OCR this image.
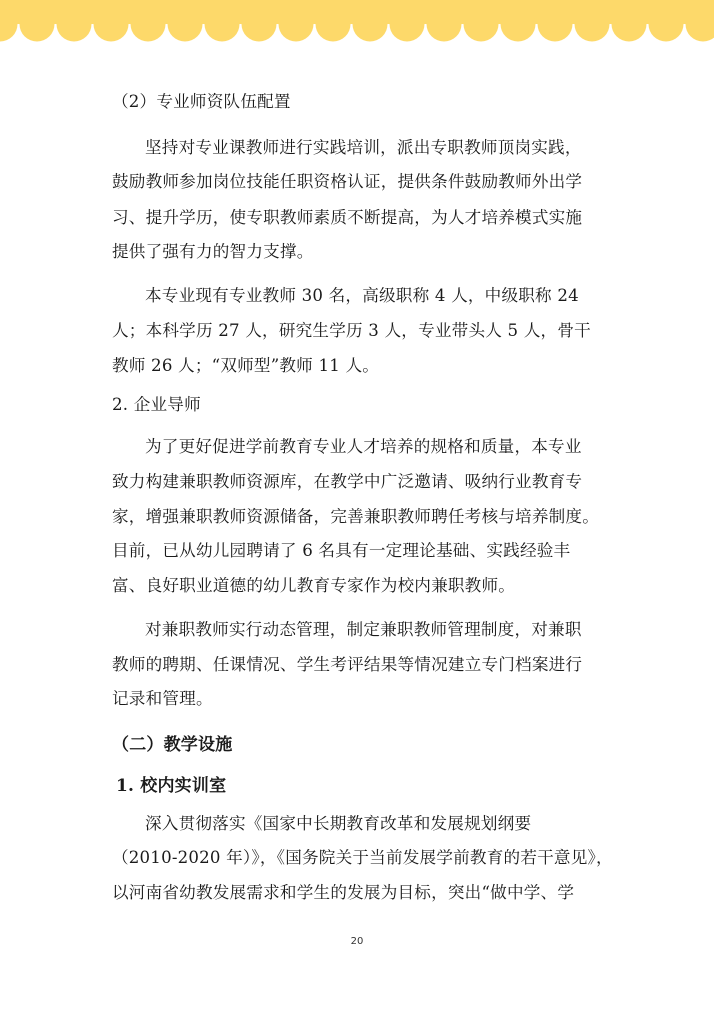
（2）专业师资队伍配置
坚持对专业课教师进行实践培训，派出专职教师顶岗实践，
鼓励教师参加岗位技能任职资格认证，提供条件鼓励教师外出学
习、提升学历，使专职教师素质不断提高，为人才培养模式实施
提供了强有力的智力支撑。
本专业现有专业教师 30 名，高级职称 4 人，中级职称 24
人；本科学历 27 人，研究生学历 3 人，专业带头人 5 人，骨干
教师 26 人；“双师型”教师 11 人。
2. 企业导师
为了更好促进学前教育专业人才培养的规格和质量，本专业
致力构建兼职教师资源库，在教学中广泛邀请、吸纳行业教育专
家，增强兼职教师资源储备，完善兼职教师聘任考核与培养制度。
目前，已从幼儿园聘请了 6 名具有一定理论基础、实践经验丰
富、良好职业道德的幼儿教育专家作为校内兼职教师。
对兼职教师实行动态管理，制定兼职教师管理制度，对兼职
教师的聘期、任课情况、学生考评结果等情况建立专门档案进行
记录和管理。
（二）教学设施
1. 校内实训室
深入贯彻落实《国家中长期教育改革和发展规划纲要
（2010-2020 年）》，《国务院关于当前发展学前教育的若干意见》，
以河南省幼教发展需求和学生的发展为目标，突出“做中学、学
20
